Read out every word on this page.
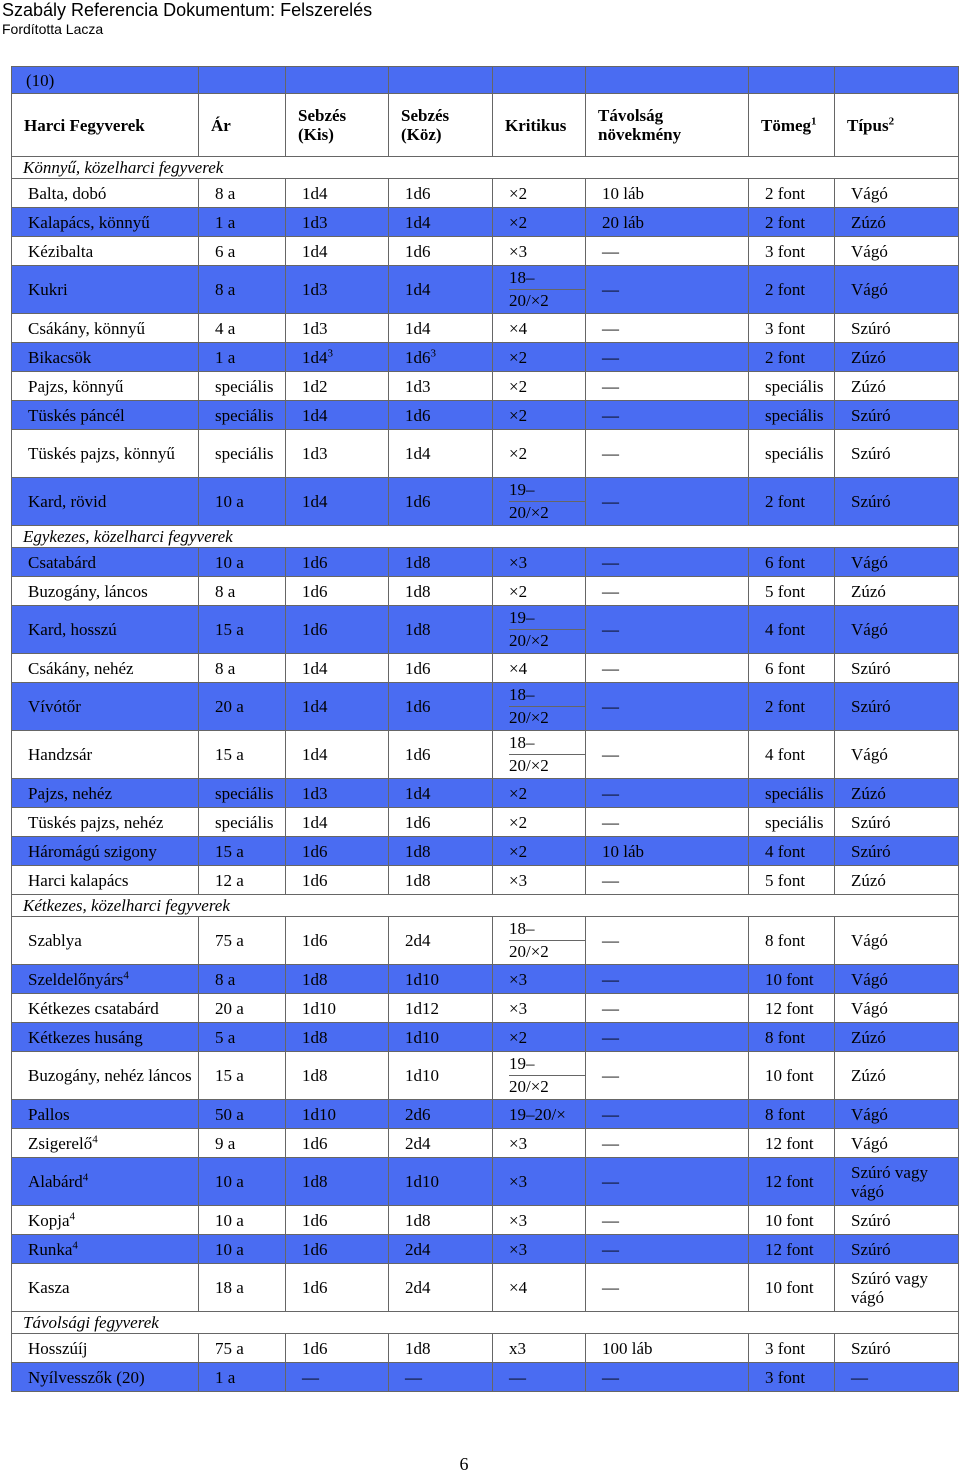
Szabály Referencia Dokumentum: Felszerelés
Fordította Lacza
(10)							
Harci Fegyverek	Ár	Sebzés (Kis)	Sebzés (Köz)	Kritikus	Távolság növekmény	Tömeg$^1$	Típus$^2$
Könnyű, közelharci fegyverek							
Balta, dobó	8 a	1d4	1d6	×2	10 láb	2 font	Vágó
Kalapács, könnyű	1 a	1d3	1d4	×2	20 láb	2 font	Zúzó
Kézibalta	6 a	1d4	1d6	×3	—	3 font	Vágó
Kukri	8 a	1d3	1d4	18–
20/×2	—	2 font	Vágó
Csákány, könnyű	4 a	1d3	1d4	×4	—	3 font	Szúró
Bikacsök	1 a	$1d4^3$	$1d6^3$	×2	—	2 font	Zúzó
Pajzs, könnyű	speciális	1d2	1d3	×2	—	speciális	Zúzó
Tüskés páncél	speciális	1d4	1d6	×2	—	speciális	Szúró
Tüskés pajzs, könnyű	speciális	1d3	1d4	×2	—	speciális	Szúró
Kard, rövid	10 a	1d4	1d6	19–
20/×2	—	2 font	Szúró
Egykezes, közelharci fegyverek							
Csatabárd	10 a	1d6	1d8	×3	—	6 font	Vágó
Buzogány, láncos	8 a	1d6	1d8	×2	—	5 font	Zúzó
Kard, hosszú	15 a	1d6	1d8	19–
20/×2	—	4 font	Vágó
Csákány, nehéz	8 a	1d4	1d6	×4	—	6 font	Szúró
Vívótőr	20 a	1d4	1d6	18–
20/×2	—	2 font	Szúró
Handzsár	15 a	1d4	1d6	18–
20/×2	—	4 font	Vágó
Pajzs, nehéz	speciális	1d3	1d4	×2	—	speciális	Zúzó
Tüskés pajzs, nehéz	speciális	1d4	1d6	×2	—	speciális	Szúró
Háromágú szigony	15 a	1d6	1d8	×2	10 láb	4 font	Szúró
Harci kalapács	12 a	1d6	1d8	×3	—	5 font	Zúzó
Kétkezes, közelharci fegyverek							
Szablya	75 a	1d6	2d4	18–
20/×2	—	8 font	Vágó
Szeldelőnyárs$^4$	8 a	1d8	1d10	×3	—	10 font	Vágó
Kétkezes csatabárd	20 a	1d10	1d12	×3	—	12 font	Vágó
Kétkezes husáng	5 a	1d8	1d10	×2	—	8 font	Zúzó
Buzogány, nehéz láncos	15 a	1d8	1d10	19–
20/×2	—	10 font	Zúzó
Pallos	50 a	1d10	2d6	19–20/×	—	8 font	Vágó
Zsigerelő$^4$	9 a	1d6	2d4	×3	—	12 font	Vágó
Alabárd$^4$	10 a	1d8	1d10	×3	—	12 font	Szúró vagy vágó
Kopja$^4$	10 a	1d6	1d8	×3	—	10 font	Szúró
Runka$^4$	10 a	1d6	2d4	×3	—	12 font	Szúró
Kasza	18 a	1d6	2d4	×4	—	10 font	Szúró vagy vágó
Távolsági fegyverek							
Hosszúíj	75 a	1d6	1d8	x3	100 láb	3 font	Szúró
Nyílvesszők (20)	1 a	—	—	—	—	3 font	—
6
